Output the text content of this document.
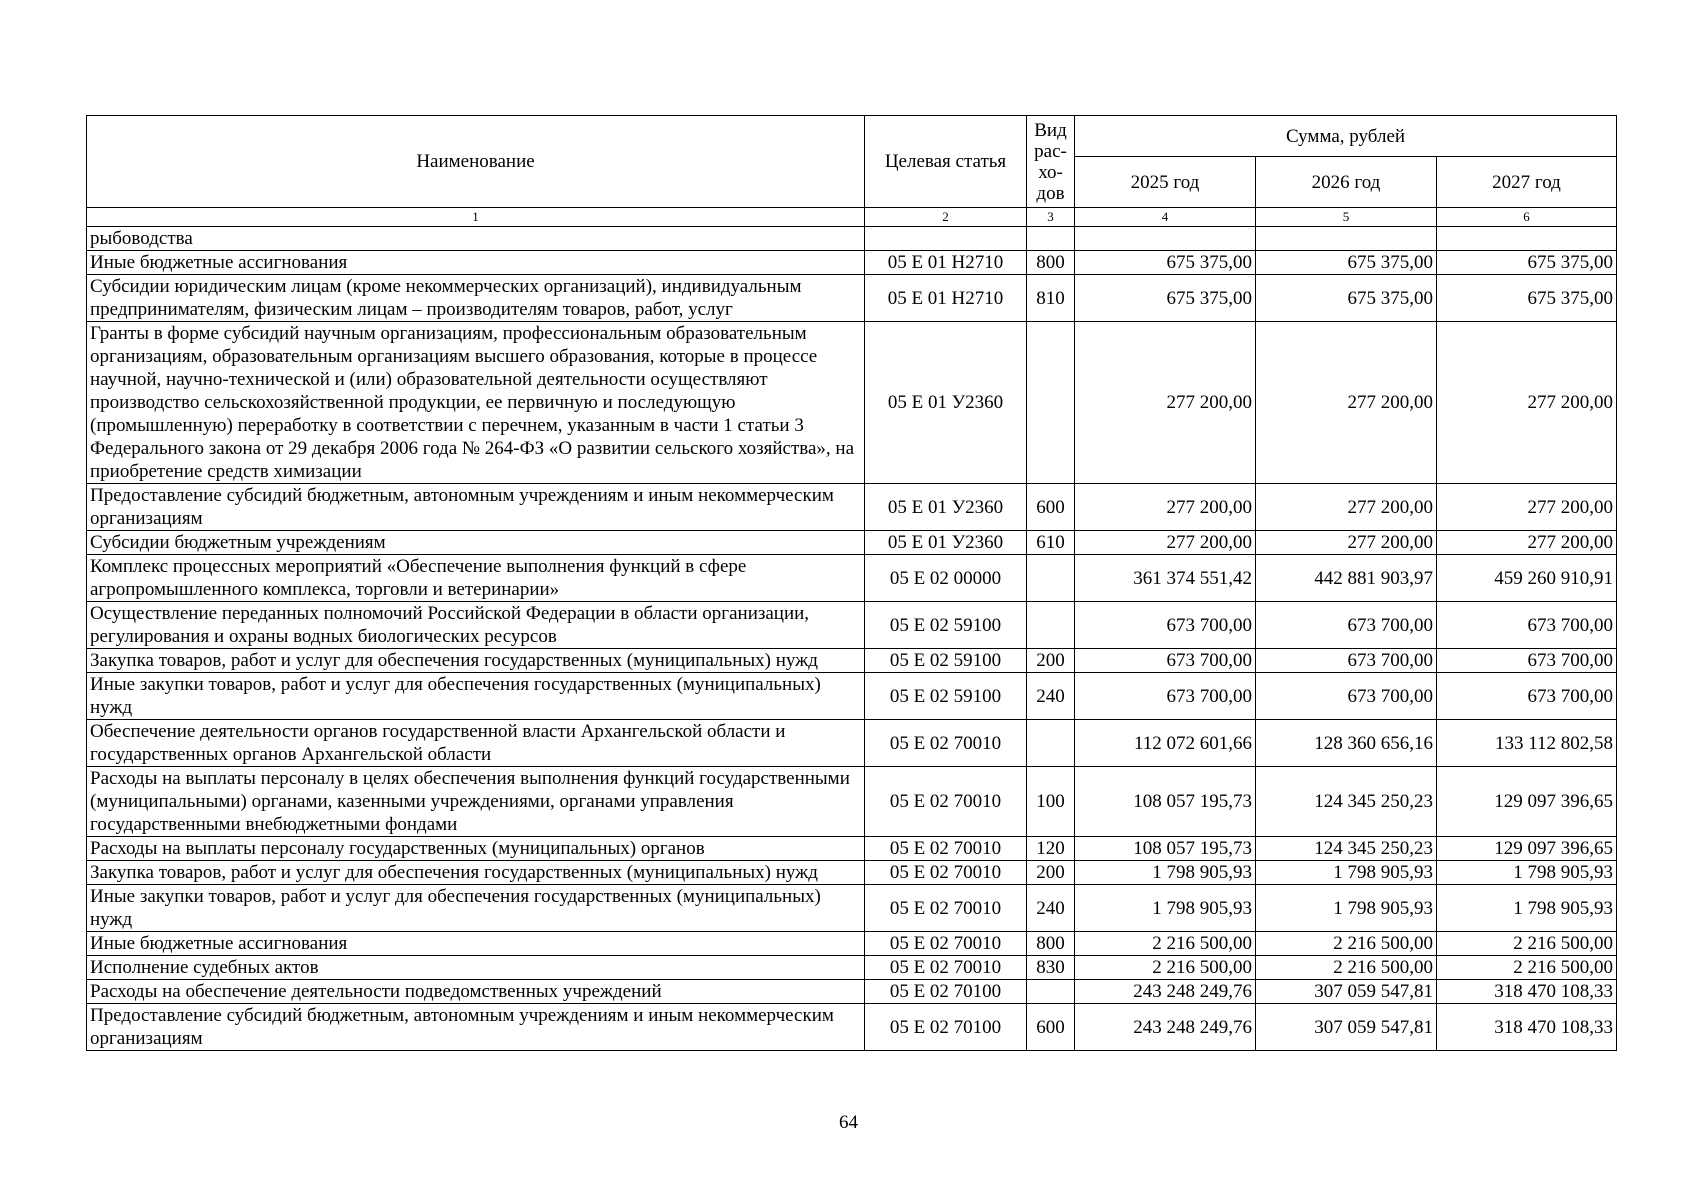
Наименование	Целевая статья	Вид рас-хо-дов	Сумма, рублей		
			2025 год	2026 год	2027 год
1	2	3	4	5	6
рыбоводства					
Иные бюджетные ассигнования	05 Е 01 Н2710	800	675 375,00	675 375,00	675 375,00
Субсидии юридическим лицам (кроме некоммерческих организаций), индивидуальным предпринимателям, физическим лицам – производителям товаров, работ, услуг	05 Е 01 Н2710	810	675 375,00	675 375,00	675 375,00
Гранты в форме субсидий научным организациям, профессиональным образовательным организациям, образовательным организациям высшего образования, которые в процессе научной, научно-технической и (или) образовательной деятельности осуществляют производство сельскохозяйственной продукции, ее первичную и последующую (промышленную) переработку в соответствии с перечнем, указанным в части 1 статьи 3 Федерального закона от 29 декабря 2006 года № 264-ФЗ «О развитии сельского хозяйства», на приобретение средств химизации	05 Е 01 У2360		277 200,00	277 200,00	277 200,00
Предоставление субсидий бюджетным, автономным учреждениям и иным некоммерческим организациям	05 Е 01 У2360	600	277 200,00	277 200,00	277 200,00
Субсидии бюджетным учреждениям	05 Е 01 У2360	610	277 200,00	277 200,00	277 200,00
Комплекс процессных мероприятий «Обеспечение выполнения функций в сфере агропромышленного комплекса, торговли и ветеринарии»	05 Е 02 00000		361 374 551,42	442 881 903,97	459 260 910,91
Осуществление переданных полномочий Российской Федерации в области организации, регулирования и охраны водных биологических ресурсов	05 Е 02 59100		673 700,00	673 700,00	673 700,00
Закупка товаров, работ и услуг для обеспечения государственных (муниципальных) нужд	05 Е 02 59100	200	673 700,00	673 700,00	673 700,00
Иные закупки товаров, работ и услуг для обеспечения государственных (муниципальных) нужд	05 Е 02 59100	240	673 700,00	673 700,00	673 700,00
Обеспечение деятельности органов государственной власти Архангельской области и государственных органов Архангельской области	05 Е 02 70010		112 072 601,66	128 360 656,16	133 112 802,58
Расходы на выплаты персоналу в целях обеспечения выполнения функций государственными (муниципальными) органами, казенными учреждениями, органами управления государственными внебюджетными фондами	05 Е 02 70010	100	108 057 195,73	124 345 250,23	129 097 396,65
Расходы на выплаты персоналу государственных (муниципальных) органов	05 Е 02 70010	120	108 057 195,73	124 345 250,23	129 097 396,65
Закупка товаров, работ и услуг для обеспечения государственных (муниципальных) нужд	05 Е 02 70010	200	1 798 905,93	1 798 905,93	1 798 905,93
Иные закупки товаров, работ и услуг для обеспечения государственных (муниципальных) нужд	05 Е 02 70010	240	1 798 905,93	1 798 905,93	1 798 905,93
Иные бюджетные ассигнования	05 Е 02 70010	800	2 216 500,00	2 216 500,00	2 216 500,00
Исполнение судебных актов	05 Е 02 70010	830	2 216 500,00	2 216 500,00	2 216 500,00
Расходы на обеспечение деятельности подведомственных учреждений	05 Е 02 70100		243 248 249,76	307 059 547,81	318 470 108,33
Предоставление субсидий бюджетным, автономным учреждениям и иным некоммерческим организациям	05 Е 02 70100	600	243 248 249,76	307 059 547,81	318 470 108,33
64
